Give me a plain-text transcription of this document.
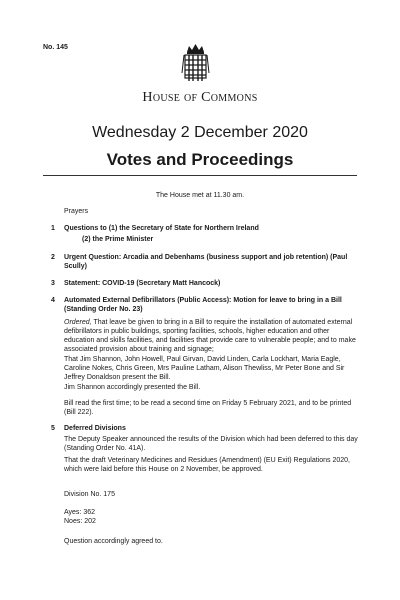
No. 145
House of Commons
Wednesday 2 December 2020
Votes and Proceedings
The House met at 11.30 am.
Prayers
1 Questions to (1) the Secretary of State for Northern Ireland
(2) the Prime Minister
2 Urgent Question: Arcadia and Debenhams (business support and job retention) (Paul Scully)
3 Statement: COVID-19 (Secretary Matt Hancock)
4 Automated External Defibrillators (Public Access): Motion for leave to bring in a Bill (Standing Order No. 23)
Ordered, That leave be given to bring in a Bill to require the installation of automated external defibrillators in public buildings, sporting facilities, schools, higher education and other education and skills facilities, and facilities that provide care to vulnerable people; and to make associated provision about training and signage;
That Jim Shannon, John Howell, Paul Girvan, David Linden, Carla Lockhart, Maria Eagle, Caroline Nokes, Chris Green, Mrs Pauline Latham, Alison Thewliss, Mr Peter Bone and Sir Jeffrey Donaldson present the Bill.
Jim Shannon accordingly presented the Bill.
Bill read the first time; to be read a second time on Friday 5 February 2021, and to be printed (Bill 222).
5 Deferred Divisions
The Deputy Speaker announced the results of the Division which had been deferred to this day (Standing Order No. 41A).
That the draft Veterinary Medicines and Residues (Amendment) (EU Exit) Regulations 2020, which were laid before this House on 2 November, be approved.
Division No. 175
Ayes: 362
Noes: 202
Question accordingly agreed to.
